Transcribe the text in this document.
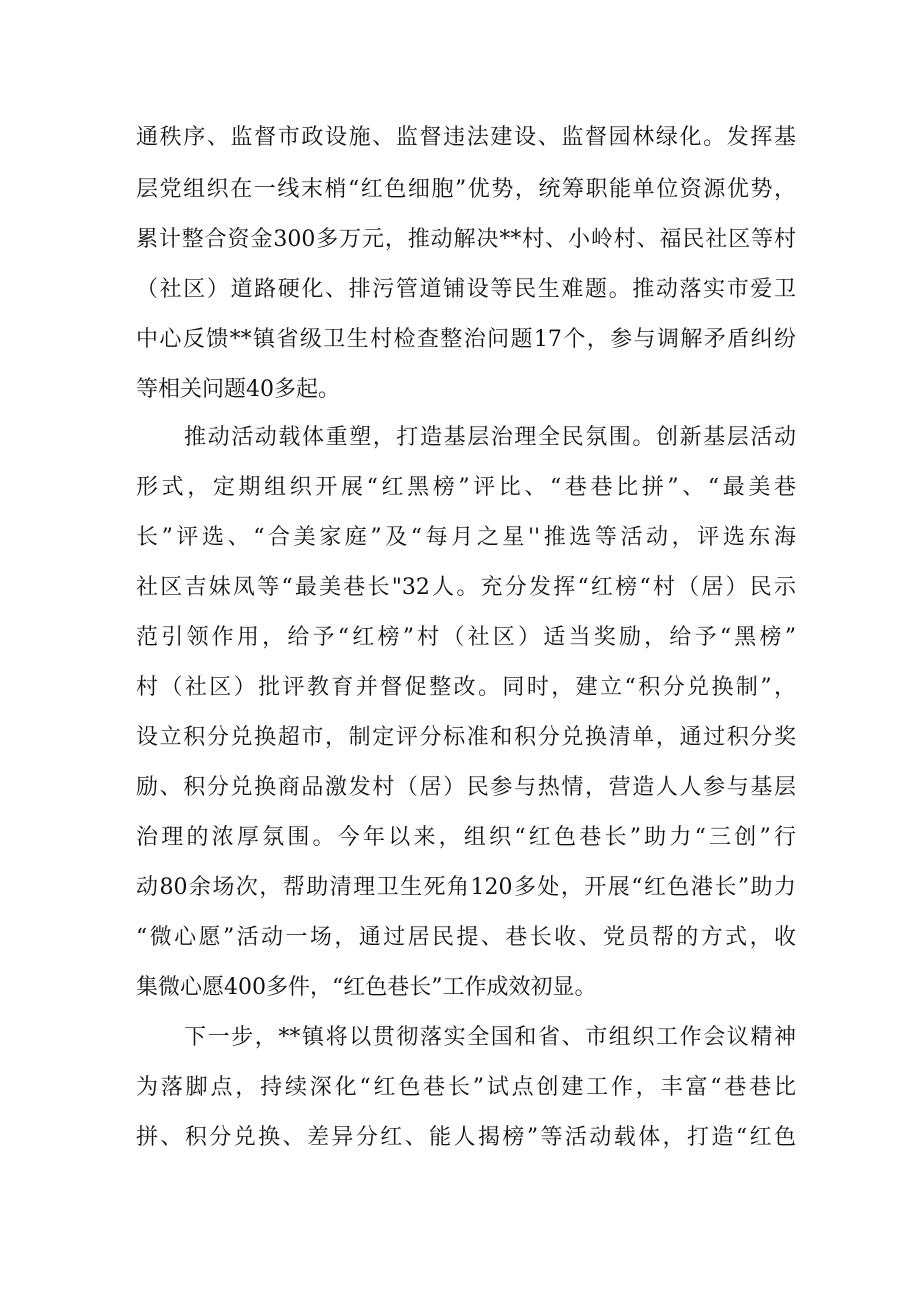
通秩序、监督市政设施、监督违法建设、监督园林绿化。发挥基
层党组织在一线末梢“红色细胞”优势，统筹职能单位资源优势，
累计整合资金300多万元，推动解决**村、小岭村、福民社区等村
（社区）道路硬化、排污管道铺设等民生难题。推动落实市爱卫
中心反馈**镇省级卫生村检查整治问题17个，参与调解矛盾纠纷
等相关问题40多起。
推动活动载体重塑，打造基层治理全民氛围。创新基层活动
形式，定期组织开展“红黑榜”评比、“巷巷比拼”、“最美巷
长”评选、“合美家庭”及“每月之星''推选等活动，评选东海
社区吉妹凤等“最美巷长"32人。充分发挥“红榜“村（居）民示
范引领作用，给予“红榜”村（社区）适当奖励，给予“黑榜”
村（社区）批评教育并督促整改。同时，建立“积分兑换制”，
设立积分兑换超市，制定评分标准和积分兑换清单，通过积分奖
励、积分兑换商品激发村（居）民参与热情，营造人人参与基层
治理的浓厚氛围。今年以来，组织“红色巷长”助力“三创”行
动80余场次，帮助清理卫生死角120多处，开展“红色港长”助力
“微心愿”活动一场，通过居民提、巷长收、党员帮的方式，收
集微心愿400多件，“红色巷长”工作成效初显。
下一步，**镇将以贯彻落实全国和省、市组织工作会议精神
为落脚点，持续深化“红色巷长”试点创建工作，丰富“巷巷比
拼、积分兑换、差异分红、能人揭榜”等活动载体，打造“红色
